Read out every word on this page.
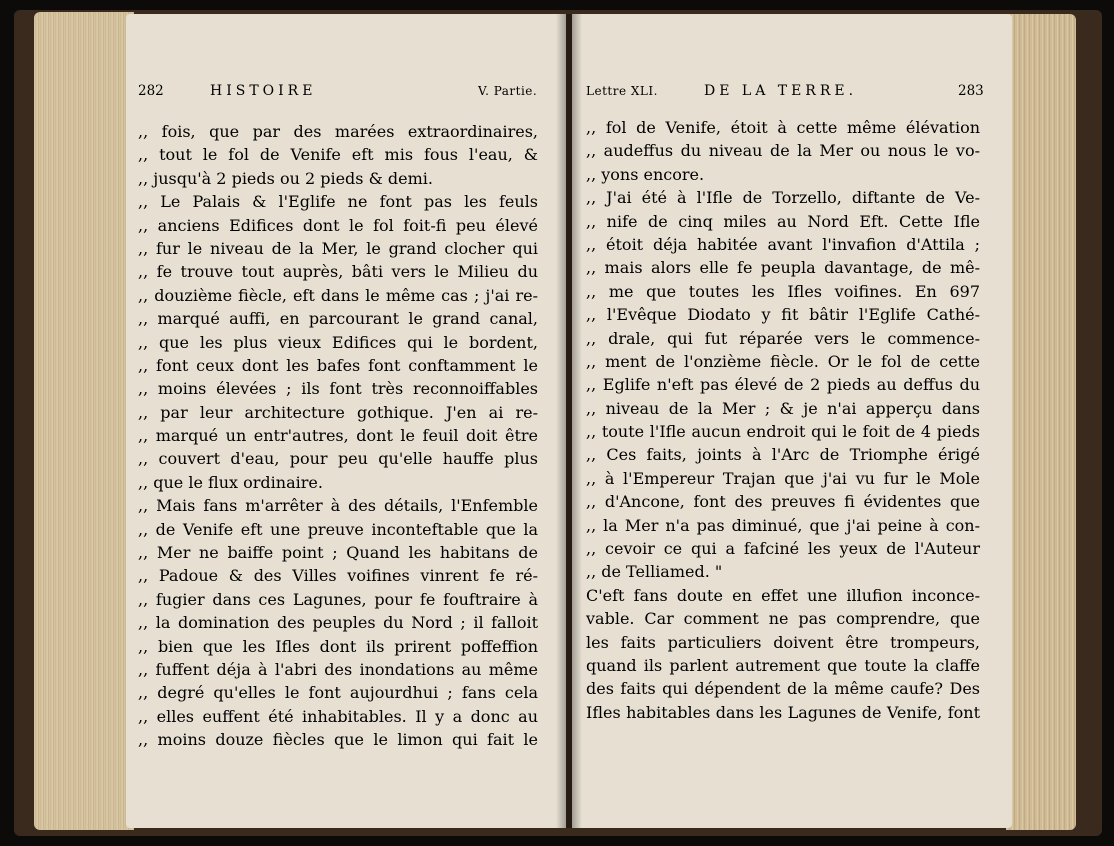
282	HISTOIRE	V. Partie.
,, fois, que par des marées extraordinaires,
,, tout le fol de Venife eft mis fous l'eau, &
,, jusqu'à 2 pieds ou 2 pieds & demi.
,, Le Palais & l'Eglife ne font pas les feuls
,, anciens Edifices dont le fol foit-fi peu élevé
,, fur le niveau de la Mer, le grand clocher qui
,, fe trouve tout auprès, bâti vers le Milieu du
,, douzième fiècle, eft dans le même cas ; j'ai re-
,, marqué auffi, en parcourant le grand canal,
,, que les plus vieux Edifices qui le bordent,
,, font ceux dont les bafes font conftamment le
,, moins élevées ; ils font très reconnoiffables
,, par leur architecture gothique. J'en ai re-
,, marqué un entr'autres, dont le feuil doit être
,, couvert d'eau, pour peu qu'elle hauffe plus
,, que le flux ordinaire.
,, Mais fans m'arrêter à des détails, l'Enfemble
,, de Venife eft une preuve inconteftable que la
,, Mer ne baiffe point ; Quand les habitans de
,, Padoue & des Villes voifines vinrent fe ré-
,, fugier dans ces Lagunes, pour fe fouftraire à
,, la domination des peuples du Nord ; il falloit
,, bien que les Ifles dont ils prirent poffeffion
,, fuffent déja à l'abri des inondations au même
,, degré qu'elles le font aujourdhui ; fans cela
,, elles euffent été inhabitables. Il y a donc au
,, moins douze fiècles que le limon qui fait le
Lettre XLI.	DE LA TERRE.	283
,, fol de Venife, étoit à cette même élévation
,, audeffus du niveau de la Mer ou nous le vo-
,, yons encore.
,, J'ai été à l'Ifle de Torzello, diftante de Ve-
,, nife de cinq miles au Nord Eft. Cette Ifle
,, étoit déja habitée avant l'invafion d'Attila ;
,, mais alors elle fe peupla davantage, de mê-
,, me que toutes les Ifles voifines. En 697
,, l'Evêque Diodato y fit bâtir l'Eglife Cathé-
,, drale, qui fut réparée vers le commence-
,, ment de l'onzième fiècle. Or le fol de cette
,, Eglife n'eft pas élevé de 2 pieds au deffus du
,, niveau de la Mer ; & je n'ai apperçu dans
,, toute l'Ifle aucun endroit qui le foit de 4 pieds
,, Ces faits, joints à l'Arc de Triomphe érigé
,, à l'Empereur Trajan que j'ai vu fur le Mole
,, d'Ancone, font des preuves fi évidentes que
,, la Mer n'a pas diminué, que j'ai peine à con-
,, cevoir ce qui a fafciné les yeux de l'Auteur
,, de Telliamed. "
C'eft fans doute en effet une illufion inconce-
vable. Car comment ne pas comprendre, que
les faits particuliers doivent être trompeurs,
quand ils parlent autrement que toute la claffe
des faits qui dépendent de la même caufe? Des
Ifles habitables dans les Lagunes de Venife, font
